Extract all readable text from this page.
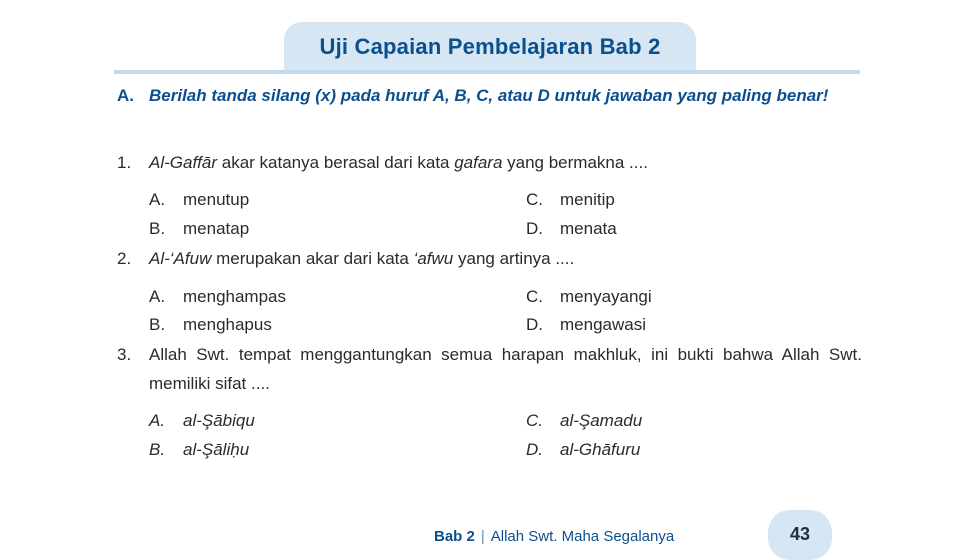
Uji Capaian Pembelajaran Bab 2
A. Berilah tanda silang (x) pada huruf A, B, C, atau D untuk jawaban yang paling benar!
1. Al-Gaffār akar katanya berasal dari kata gafara yang bermakna ....
A. menutup
B. menatap
C. menitip
D. menata
2. Al-‘Afuw merupakan akar dari kata ‘afwu yang artinya ....
A. menghampas
B. menghapus
C. menyayangi
D. mengawasi
3. Allah Swt. tempat menggantungkan semua harapan makhluk, ini bukti bahwa Allah Swt. memiliki sifat ....
A. al-Şābiqu
B. al-Şāliḥu
C. al-Şamadu
D. al-Ghāfuru
Bab 2 | Allah Swt. Maha Segalanya	43
